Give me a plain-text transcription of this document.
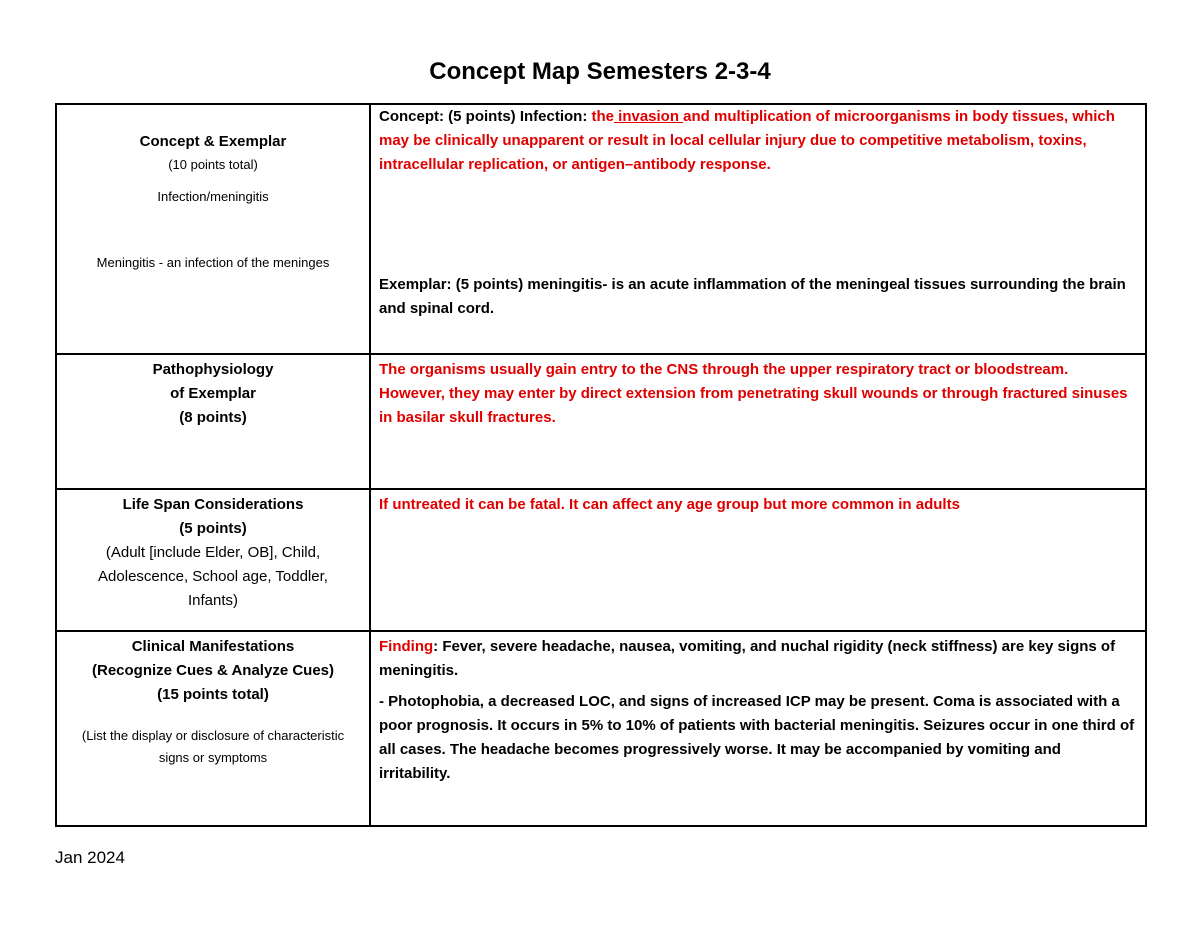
Concept Map Semesters 2-3-4
Concept & Exemplar
(10 points total)
Infection/meningitis
Meningitis - an infection of the meninges
Concept: (5 points) Infection: the invasion and multiplication of microorganisms in body tissues, which may be clinically unapparent or result in local cellular injury due to competitive metabolism, toxins, intracellular replication, or antigen–antibody response.
Exemplar: (5 points) meningitis- is an acute inflammation of the meningeal tissues surrounding the brain and spinal cord.
Pathophysiology
of Exemplar
(8 points)
The organisms usually gain entry to the CNS through the upper respiratory tract or bloodstream. However, they may enter by direct extension from penetrating skull wounds or through fractured sinuses in basilar skull fractures.
Life Span Considerations
(5 points)
(Adult [include Elder, OB], Child, Adolescence, School age, Toddler, Infants)
If untreated it can be fatal. It can affect any age group but more common in adults
Clinical Manifestations
(Recognize Cues & Analyze Cues)
(15 points total)
(List the display or disclosure of characteristic signs or symptoms
Finding: Fever, severe headache, nausea, vomiting, and nuchal rigidity (neck stiffness) are key signs of meningitis.
- Photophobia, a decreased LOC, and signs of increased ICP may be present. Coma is associated with a poor prognosis. It occurs in 5% to 10% of patients with bacterial meningitis. Seizures occur in one third of all cases. The headache becomes progressively worse. It may be accompanied by vomiting and irritability.
Jan 2024
